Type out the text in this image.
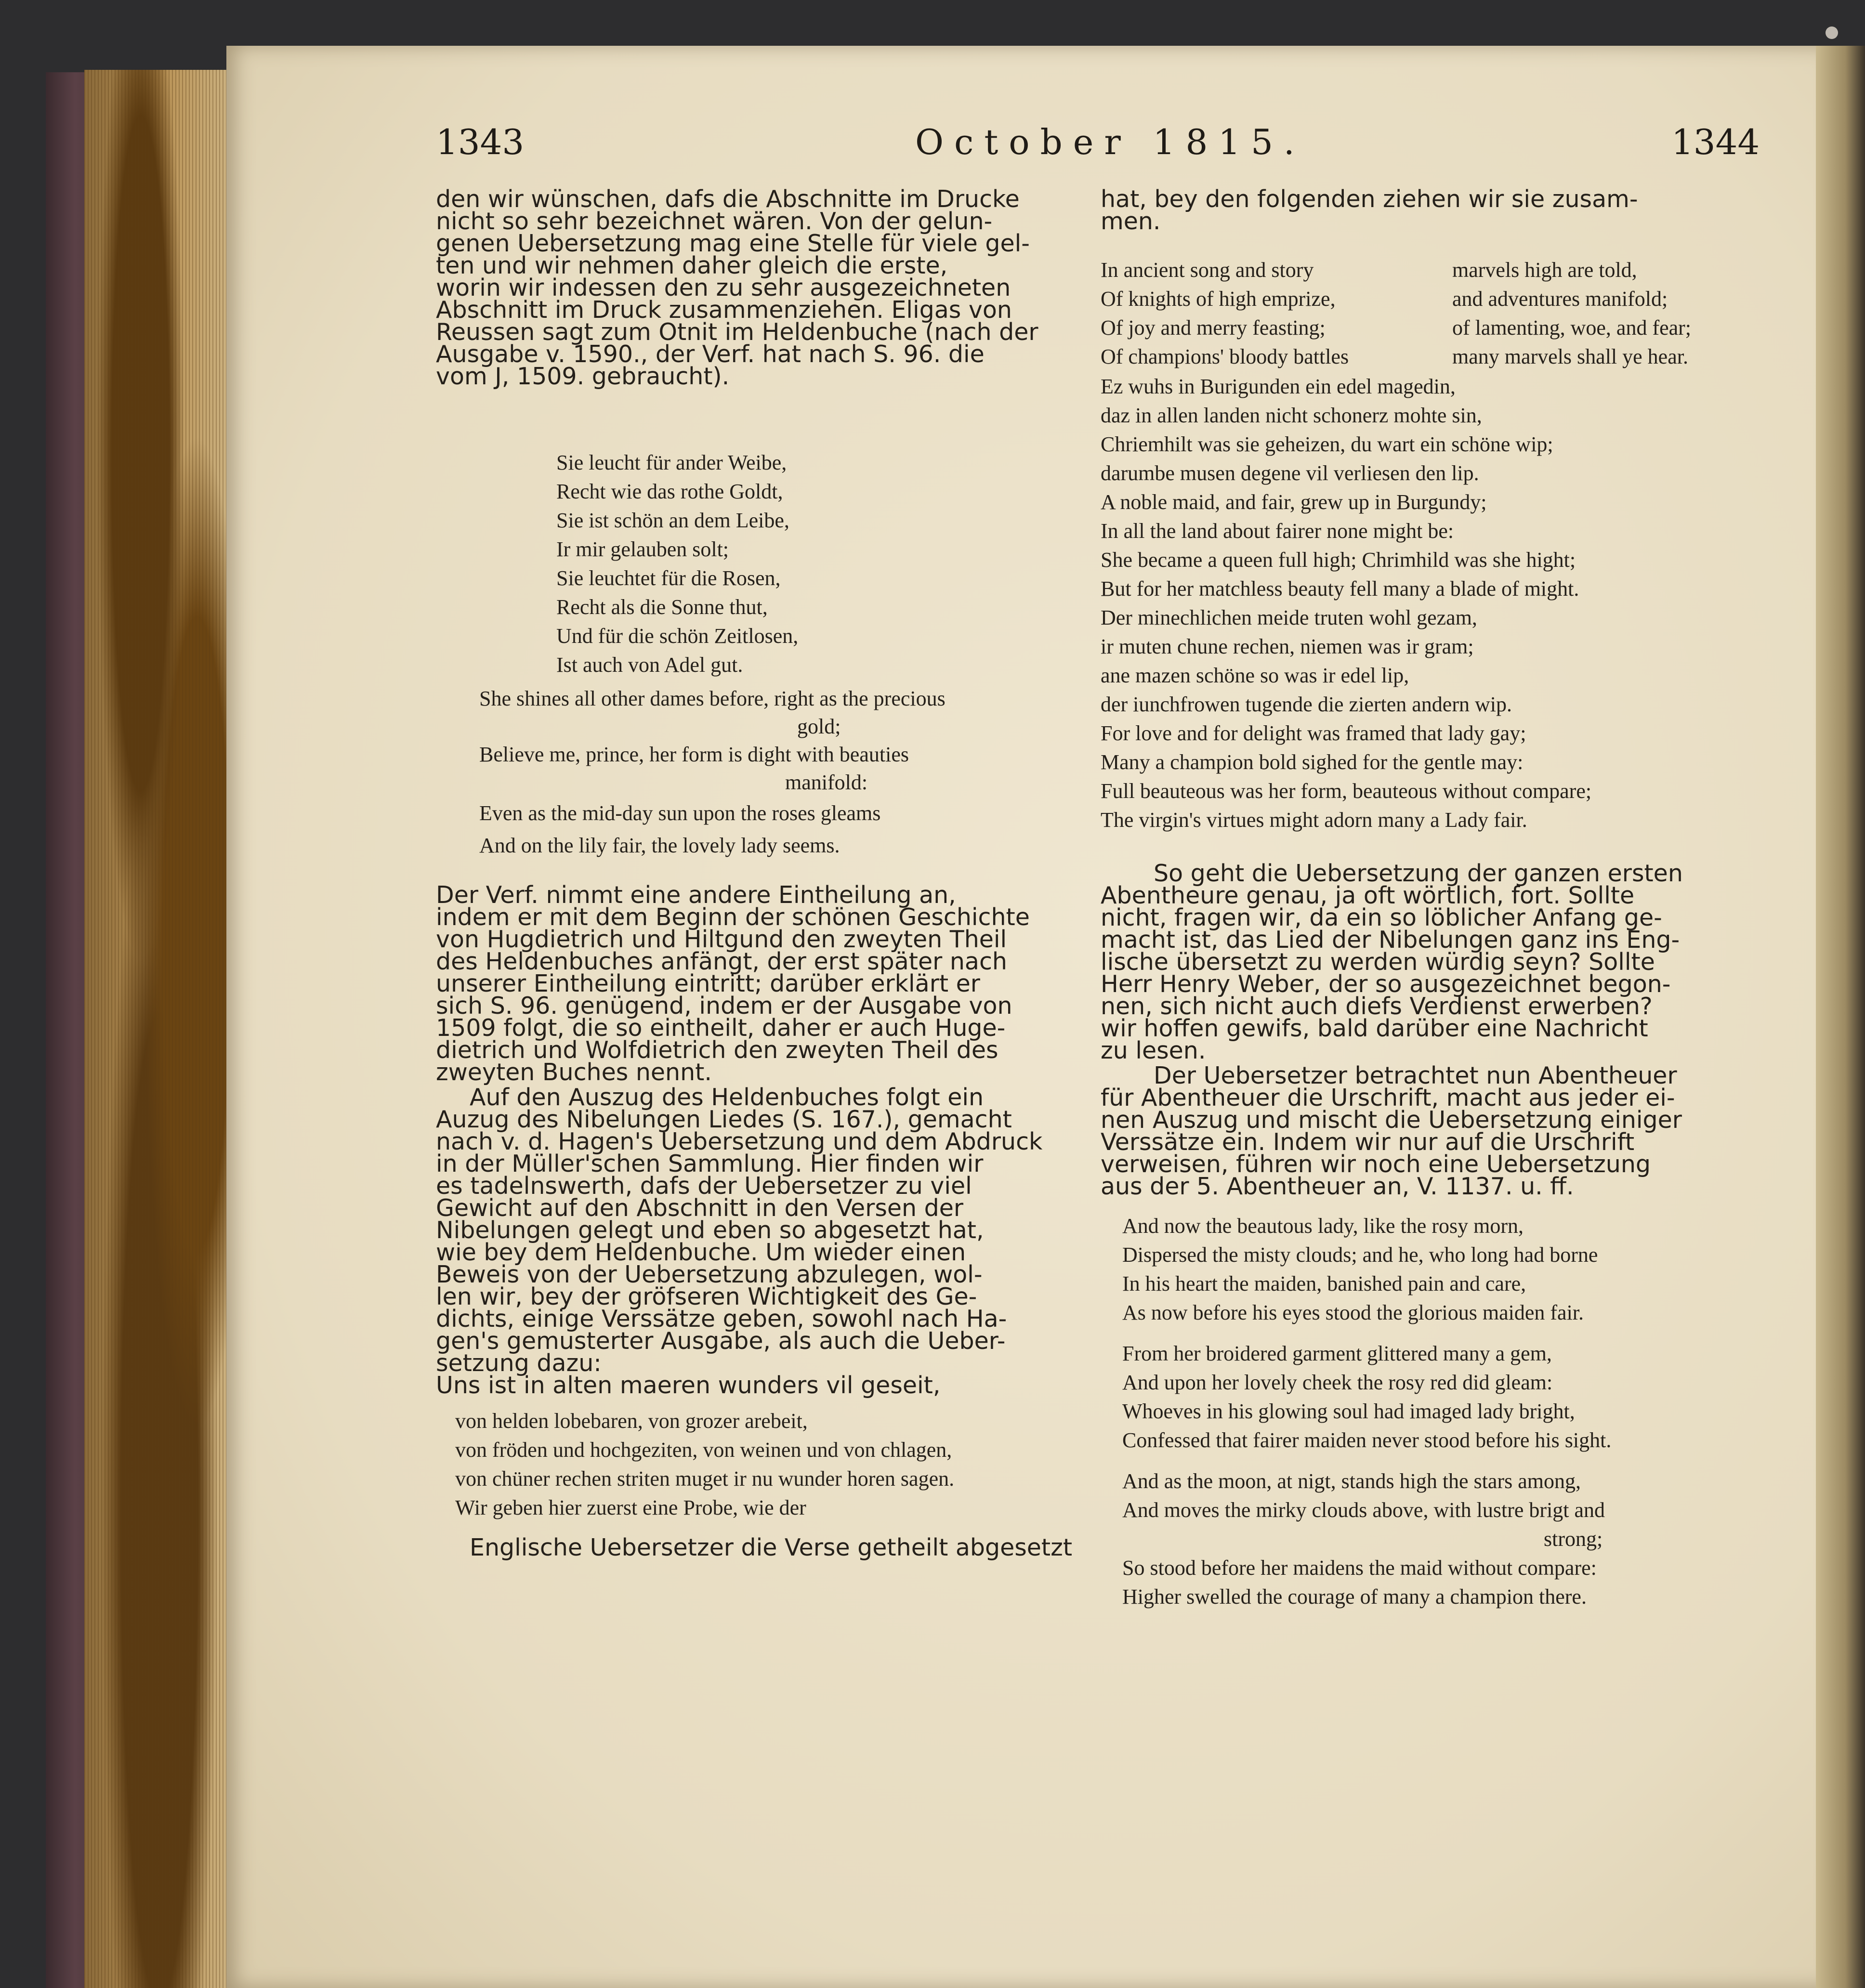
1343	October 1815.	1344
den wir wünschen, dafs die Abschnitte im Drucke
nicht so sehr bezeichnet wären. Von der gelun-
genen Uebersetzung mag eine Stelle für viele gel-
ten und wir nehmen daher gleich die erste,
worin wir indessen den zu sehr ausgezeichneten
Abschnitt im Druck zusammenziehen. Eligas von
Reussen sagt zum Otnit im Heldenbuche (nach der
Ausgabe v. 1590., der Verf. hat nach S. 96. die
vom J, 1509. gebraucht).
Sie leucht für ander Weibe,
Recht wie das rothe Goldt,
Sie ist schön an dem Leibe,
Ir mir gelauben solt;
Sie leuchtet für die Rosen,
Recht als die Sonne thut,
Und für die schön Zeitlosen,
Ist auch von Adel gut.
She shines all other dames before, right as the precious
gold;
Believe me, prince, her form is dight with beauties
manifold:
Even as the mid-day sun upon the roses gleams
And on the lily fair, the lovely lady seems.
Der Verf. nimmt eine andere Eintheilung an,
indem er mit dem Beginn der schönen Geschichte
von Hugdietrich und Hiltgund den zweyten Theil
des Heldenbuches anfängt, der erst später nach
unserer Eintheilung eintritt; darüber erklärt er
sich S. 96. genügend, indem er der Ausgabe von
1509 folgt, die so eintheilt, daher er auch Huge-
dietrich und Wolfdietrich den zweyten Theil des
zweyten Buches nennt.
Auf den Auszug des Heldenbuches folgt ein
Auzug des Nibelungen Liedes (S. 167.), gemacht
nach v. d. Hagen's Uebersetzung und dem Abdruck
in der Müller'schen Sammlung. Hier finden wir
es tadelnswerth, dafs der Uebersetzer zu viel
Gewicht auf den Abschnitt in den Versen der
Nibelungen gelegt und eben so abgesetzt hat,
wie bey dem Heldenbuche. Um wieder einen
Beweis von der Uebersetzung abzulegen, wol-
len wir, bey der gröfseren Wichtigkeit des Ge-
dichts, einige Verssätze geben, sowohl nach Ha-
gen's gemusterter Ausgabe, als auch die Ueber-
setzung dazu:
Uns ist in alten maeren wunders vil geseit,
von helden lobebaren, von grozer arebeit,
von fröden und hochgeziten, von weinen und von chlagen,
von chüner rechen striten muget ir nu wunder horen sagen.
Wir geben hier zuerst eine Probe, wie der
Englische Uebersetzer die Verse getheilt abgesetzt
hat, bey den folgenden ziehen wir sie zusam-
men.
In ancient song and story	marvels high are told,
Of knights of high emprize,	and adventures manifold;
Of joy and merry feasting;	of lamenting, woe, and fear;
Of champions' bloody battles	many marvels shall ye hear.
Ez wuhs in Burigunden ein edel magedin,
daz in allen landen nicht schonerz mohte sin,
Chriemhilt was sie geheizen, du wart ein schöne wip;
darumbe musen degene vil verliesen den lip.
A noble maid, and fair, grew up in Burgundy;
In all the land about fairer none might be:
She became a queen full high; Chrimhild was she hight;
But for her matchless beauty fell many a blade of might.
Der minechlichen meide truten wohl gezam,
ir muten chune rechen, niemen was ir gram;
ane mazen schöne so was ir edel lip,
der iunchfrowen tugende die zierten andern wip.
For love and for delight was framed that lady gay;
Many a champion bold sighed for the gentle may:
Full beauteous was her form, beauteous without compare;
The virgin's virtues might adorn many a Lady fair.
So geht die Uebersetzung der ganzen ersten
Abentheure genau, ja oft wörtlich, fort. Sollte
nicht, fragen wir, da ein so löblicher Anfang ge-
macht ist, das Lied der Nibelungen ganz ins Eng-
lische übersetzt zu werden würdig seyn? Sollte
Herr Henry Weber, der so ausgezeichnet begon-
nen, sich nicht auch diefs Verdienst erwerben?
wir hoffen gewifs, bald darüber eine Nachricht
zu lesen.
Der Uebersetzer betrachtet nun Abentheuer
für Abentheuer die Urschrift, macht aus jeder ei-
nen Auszug und mischt die Uebersetzung einiger
Verssätze ein. Indem wir nur auf die Urschrift
verweisen, führen wir noch eine Uebersetzung
aus der 5. Abentheuer an, V. 1137. u. ff.
And now the beautous lady, like the rosy morn,
Dispersed the misty clouds; and he, who long had borne
In his heart the maiden, banished pain and care,
As now before his eyes stood the glorious maiden fair.
From her broidered garment glittered many a gem,
And upon her lovely cheek the rosy red did gleam:
Whoeves in his glowing soul had imaged lady bright,
Confessed that fairer maiden never stood before his sight.
And as the moon, at nigt, stands high the stars among,
And moves the mirky clouds above, with lustre brigt and
strong;
So stood before her maidens the maid without compare:
Higher swelled the courage of many a champion there.
